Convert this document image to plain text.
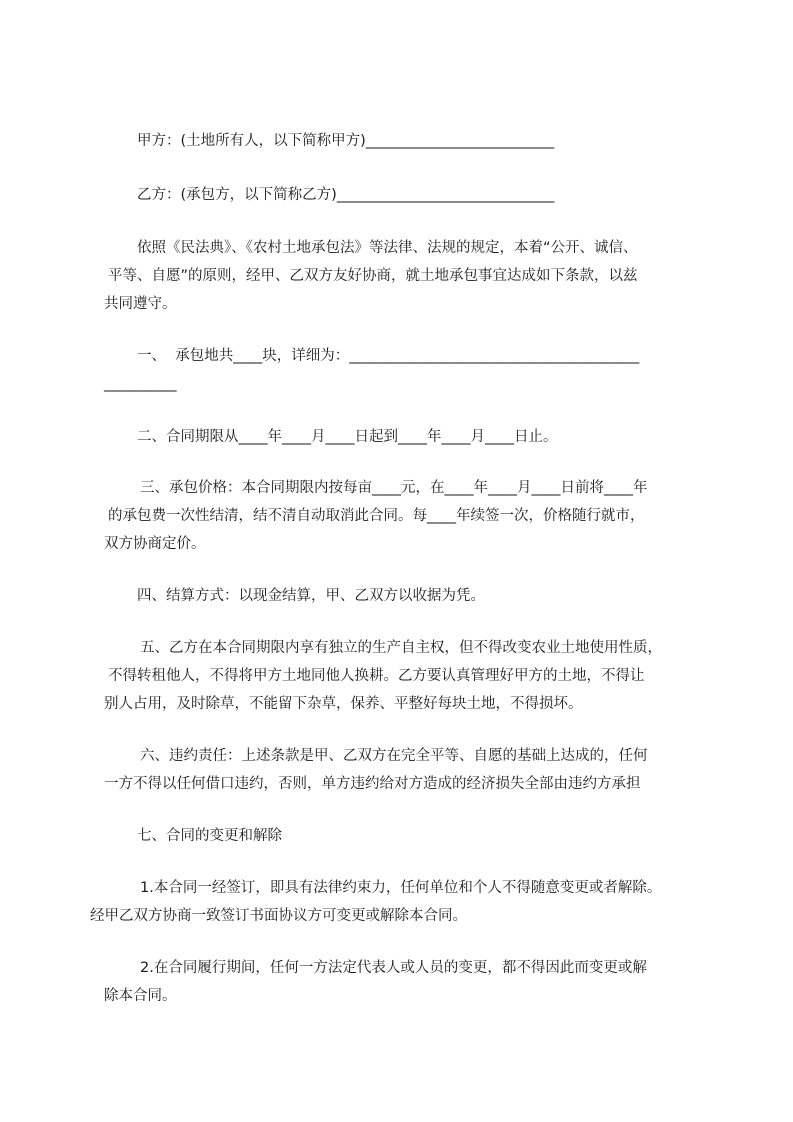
甲方：(土地所有人，以下简称甲方)__________________________
乙方：(承包方，以下简称乙方)______________________________
依照《民法典》、《农村土地承包法》等法律、法规的规定，本着“公开、诚信、
平等、自愿”的原则，经甲、乙双方友好协商，就土地承包事宜达成如下条款，以兹
共同遵守。
一、  承包地共____块，详细为：________________________________________
__________
二、合同期限从____年____月____日起到____年____月____日止。
三、承包价格：本合同期限内按每亩____元，在____年____月____日前将____年
的承包费一次性结清，结不清自动取消此合同。每____年续签一次，价格随行就市，
双方协商定价。
四、结算方式：以现金结算，甲、乙双方以收据为凭。
五、乙方在本合同期限内享有独立的生产自主权，但不得改变农业土地使用性质，
不得转租他人，不得将甲方土地同他人换耕。乙方要认真管理好甲方的土地，不得让
别人占用，及时除草，不能留下杂草，保养、平整好每块土地，不得损坏。
六、违约责任：上述条款是甲、乙双方在完全平等、自愿的基础上达成的，任何
一方不得以任何借口违约，否则，单方违约给对方造成的经济损失全部由违约方承担
七、合同的变更和解除
1.本合同一经签订，即具有法律约束力，任何单位和个人不得随意变更或者解除。
经甲乙双方协商一致签订书面协议方可变更或解除本合同。
2.在合同履行期间，任何一方法定代表人或人员的变更，都不得因此而变更或解
除本合同。
